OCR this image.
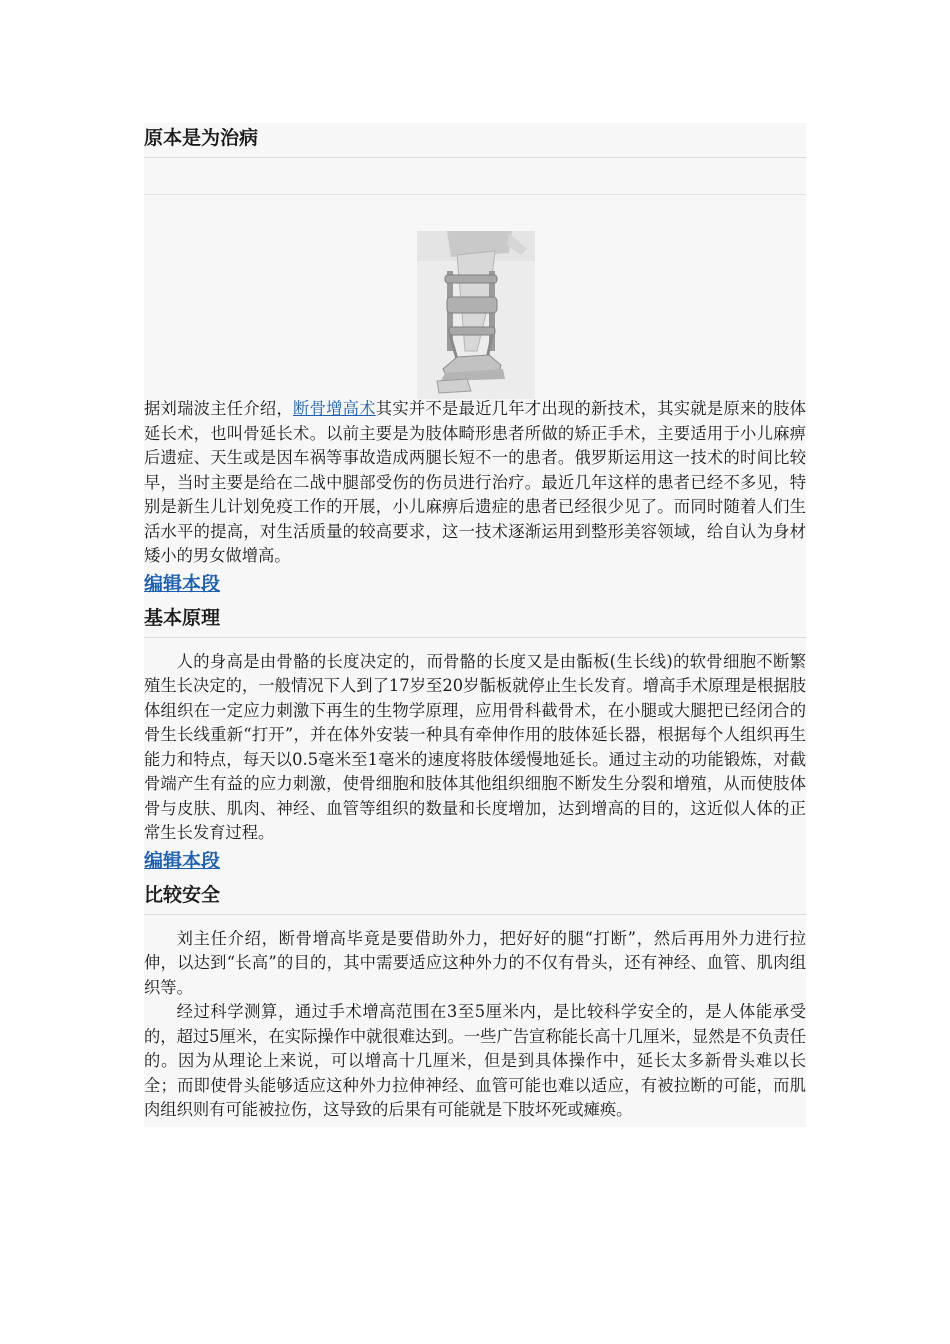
原本是为治病

据刘瑞波主任介绍，断骨增高术其实并不是最近几年才出现的新技术，其实就是原来的肢体延长术，也叫骨延长术。以前主要是为肢体畸形患者所做的矫正手术，主要适用于小儿麻痹后遗症、天生或是因车祸等事故造成两腿长短不一的患者。俄罗斯运用这一技术的时间比较早，当时主要是给在二战中腿部受伤的伤员进行治疗。最近几年这样的患者已经不多见，特别是新生儿计划免疫工作的开展，小儿麻痹后遗症的患者已经很少见了。而同时随着人们生活水平的提高，对生活质量的较高要求，这一技术逐渐运用到整形美容领域，给自认为身材矮小的男女做增高。

编辑本段
基本原理

人的身高是由骨骼的长度决定的，而骨骼的长度又是由骺板(生长线)的软骨细胞不断繁殖生长决定的，一般情况下人到了17岁至20岁骺板就停止生长发育。增高手术原理是根据肢体组织在一定应力刺激下再生的生物学原理，应用骨科截骨术，在小腿或大腿把已经闭合的骨生长线重新“打开”，并在体外安装一种具有牵伸作用的肢体延长器，根据每个人组织再生能力和特点，每天以0.5毫米至1毫米的速度将肢体缓慢地延长。通过主动的功能锻炼，对截骨端产生有益的应力刺激，使骨细胞和肢体其他组织细胞不断发生分裂和增殖，从而使肢体骨与皮肤、肌肉、神经、血管等组织的数量和长度增加，达到增高的目的，这近似人体的正常生长发育过程。

编辑本段
比较安全

刘主任介绍，断骨增高毕竟是要借助外力，把好好的腿“打断”，然后再用外力进行拉伸，以达到“长高”的目的，其中需要适应这种外力的不仅有骨头，还有神经、血管、肌肉组织等。

经过科学测算，通过手术增高范围在3至5厘米内，是比较科学安全的，是人体能承受的，超过5厘米，在实际操作中就很难达到。一些广告宣称能长高十几厘米，显然是不负责任的。因为从理论上来说，可以增高十几厘米，但是到具体操作中，延长太多新骨头难以长全；而即使骨头能够适应这种外力拉伸神经、血管可能也难以适应，有被拉断的可能，而肌肉组织则有可能被拉伤，这导致的后果有可能就是下肢坏死或瘫痪。
